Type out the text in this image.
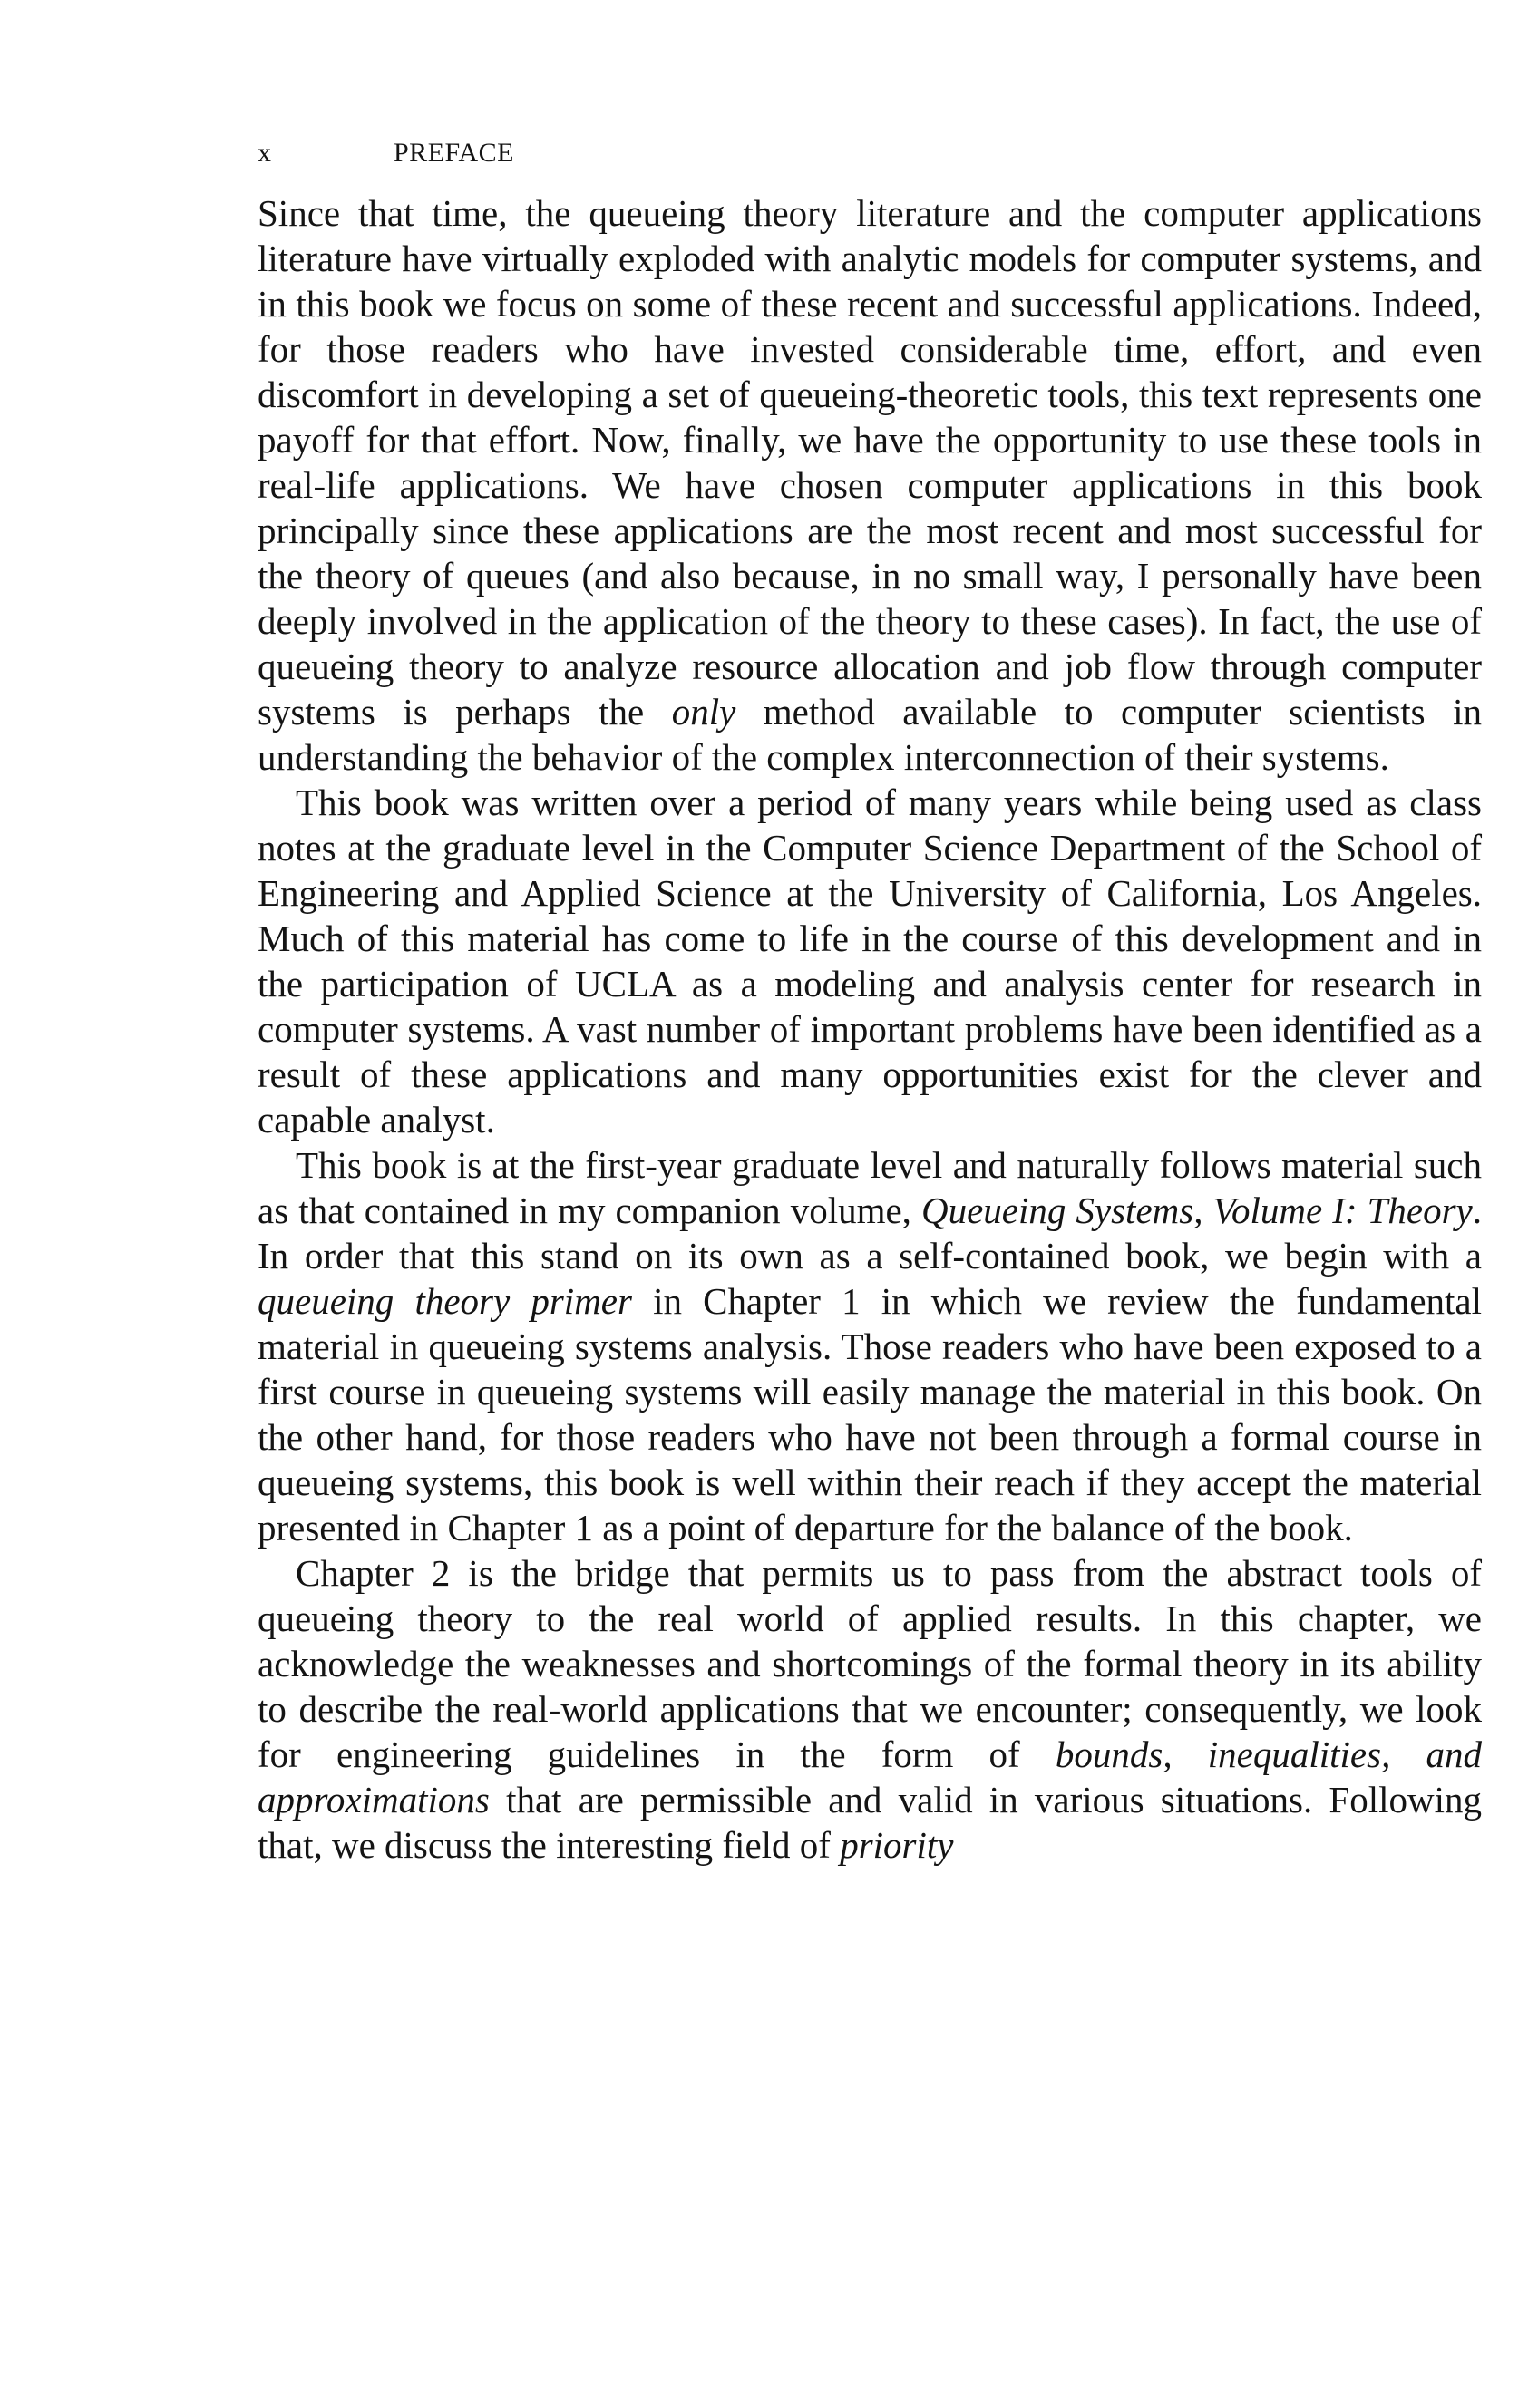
x	PREFACE

Since that time, the queueing theory literature and the computer applications literature have virtually exploded with analytic models for computer systems, and in this book we focus on some of these recent and successful applications. Indeed, for those readers who have invested considerable time, effort, and even discomfort in developing a set of queueing-theoretic tools, this text represents one payoff for that effort. Now, finally, we have the opportunity to use these tools in real-life applications. We have chosen computer applications in this book principally since these applications are the most recent and most successful for the theory of queues (and also because, in no small way, I personally have been deeply involved in the application of the theory to these cases). In fact, the use of queueing theory to analyze resource allocation and job flow through computer systems is perhaps the only method available to computer scientists in understanding the behavior of the complex interconnection of their systems.

This book was written over a period of many years while being used as class notes at the graduate level in the Computer Science Department of the School of Engineering and Applied Science at the University of California, Los Angeles. Much of this material has come to life in the course of this development and in the participation of UCLA as a modeling and analysis center for research in computer systems. A vast number of important problems have been identified as a result of these applications and many opportunities exist for the clever and capable analyst.

This book is at the first-year graduate level and naturally follows material such as that contained in my companion volume, Queueing Systems, Volume I: Theory. In order that this stand on its own as a self-contained book, we begin with a queueing theory primer in Chapter 1 in which we review the fundamental material in queueing systems analysis. Those readers who have been exposed to a first course in queueing systems will easily manage the material in this book. On the other hand, for those readers who have not been through a formal course in queueing systems, this book is well within their reach if they accept the material presented in Chapter 1 as a point of departure for the balance of the book.

Chapter 2 is the bridge that permits us to pass from the abstract tools of queueing theory to the real world of applied results. In this chapter, we acknowledge the weaknesses and shortcomings of the formal theory in its ability to describe the real-world applications that we encounter; consequently, we look for engineering guidelines in the form of bounds, inequalities, and approximations that are permissible and valid in various situations. Following that, we discuss the interesting field of priority
